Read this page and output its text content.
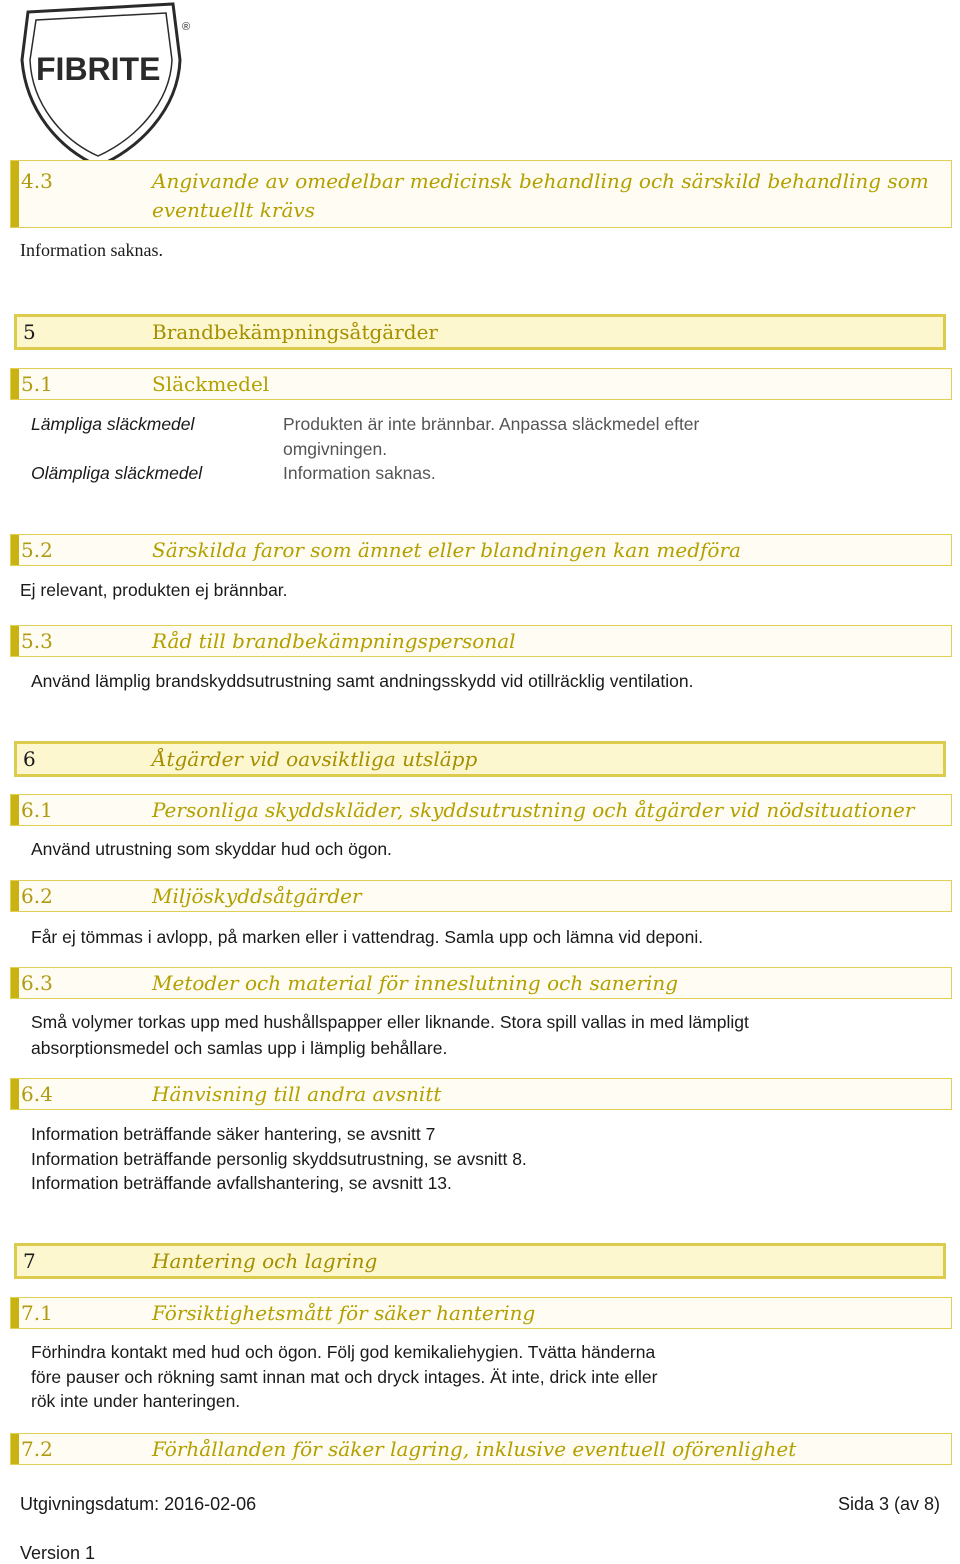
FIBRITE
®
4.3	Angivande av omedelbar medicinsk behandling och särskild behandling som
eventuellt krävs
Information saknas.
5	Brandbekämpningsåtgärder
5.1	Släckmedel
Lämpliga släckmedel	Produkten är inte brännbar. Anpassa släckmedel efter
omgivningen.
Olämpliga släckmedel	Information saknas.
5.2	Särskilda faror som ämnet eller blandningen kan medföra
Ej relevant, produkten ej brännbar.
5.3	Råd till brandbekämpningspersonal
Använd lämplig brandskyddsutrustning samt andningsskydd vid otillräcklig ventilation.
6	Åtgärder vid oavsiktliga utsläpp
6.1	Personliga skyddskläder, skyddsutrustning och åtgärder vid nödsituationer
Använd utrustning som skyddar hud och ögon.
6.2	Miljöskyddsåtgärder
Får ej tömmas i avlopp, på marken eller i vattendrag. Samla upp och lämna vid deponi.
6.3	Metoder och material för inneslutning och sanering
Små volymer torkas upp med hushållspapper eller liknande. Stora spill vallas in med lämpligt
absorptionsmedel och samlas upp i lämplig behållare.
6.4	Hänvisning till andra avsnitt
Information beträffande säker hantering, se avsnitt 7
Information beträffande personlig skyddsutrustning, se avsnitt 8.
Information beträffande avfallshantering, se avsnitt 13.
7	Hantering och lagring
7.1	Försiktighetsmått för säker hantering
Förhindra kontakt med hud och ögon. Följ god kemikaliehygien. Tvätta händerna
före pauser och rökning samt innan mat och dryck intages. Ät inte, drick inte eller
rök inte under hanteringen.
7.2	Förhållanden för säker lagring, inklusive eventuell oförenlighet
Utgivningsdatum: 2016-02-06	Sida 3 (av 8)
Version 1
